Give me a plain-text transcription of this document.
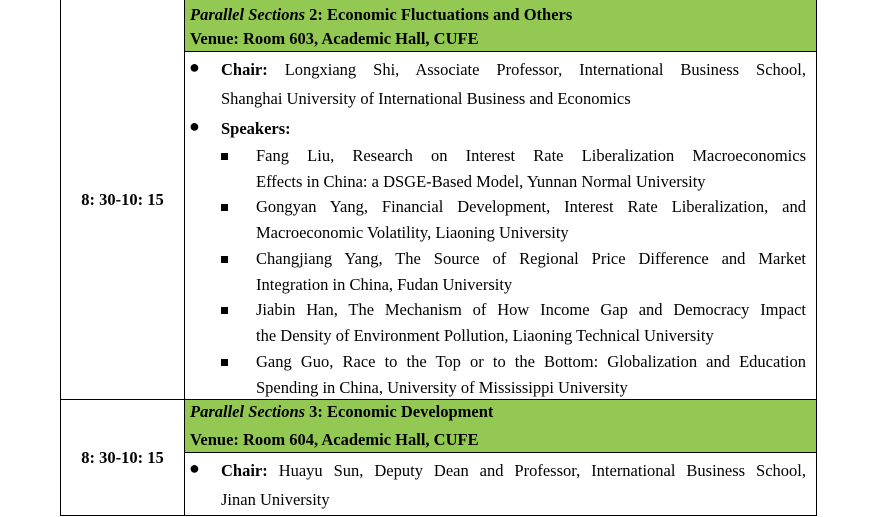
8: 30-10: 15
Parallel Sections 2: Economic Fluctuations and Others
Venue: Room 603, Academic Hall, CUFE
● Chair: Longxiang Shi, Associate Professor, International Business School,
Shanghai University of International Business and Economics
● Speakers:
Fang Liu, Research on Interest Rate Liberalization Macroeconomics
Effects in China: a DSGE-Based Model, Yunnan Normal University
Gongyan Yang, Financial Development, Interest Rate Liberalization, and
Macroeconomic Volatility, Liaoning University
Changjiang Yang, The Source of Regional Price Difference and Market
Integration in China, Fudan University
Jiabin Han, The Mechanism of How Income Gap and Democracy Impact
the Density of Environment Pollution, Liaoning Technical University
Gang Guo, Race to the Top or to the Bottom: Globalization and Education
Spending in China, University of Mississippi University
8: 30-10: 15
Parallel Sections 3: Economic Development
Venue: Room 604, Academic Hall, CUFE
● Chair: Huayu Sun, Deputy Dean and Professor, International Business School,
Jinan University
